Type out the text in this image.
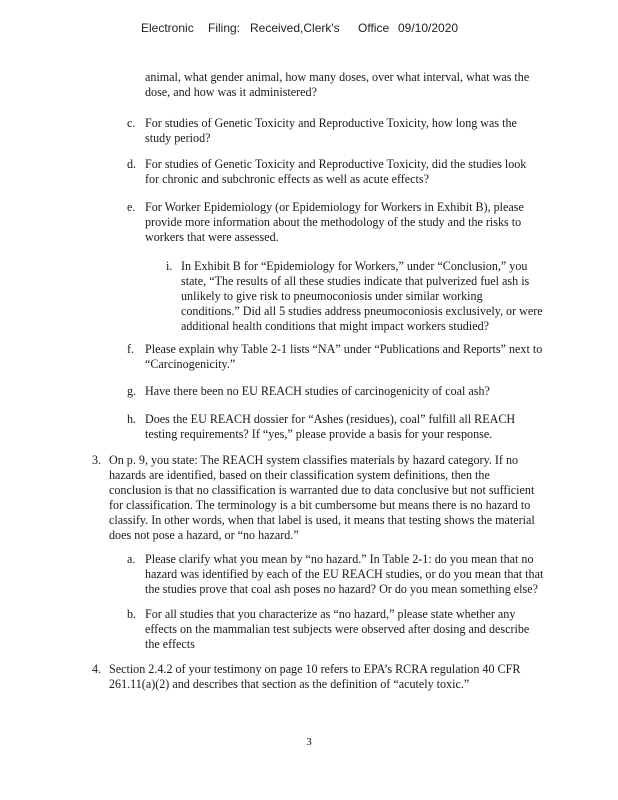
Electronic Filing: Received,Clerk's Office 09/10/2020
animal, what gender animal, how many doses, over what interval, what was the
dose, and how was it administered?
c. For studies of Genetic Toxicity and Reproductive Toxicity, how long was the
study period?
d. For studies of Genetic Toxicity and Reproductive Toxicity, did the studies look
for chronic and subchronic effects as well as acute effects?
e. For Worker Epidemiology (or Epidemiology for Workers in Exhibit B), please
provide more information about the methodology of the study and the risks to
workers that were assessed.
i. In Exhibit B for “Epidemiology for Workers,” under “Conclusion,” you
state, “The results of all these studies indicate that pulverized fuel ash is
unlikely to give risk to pneumoconiosis under similar working
conditions.” Did all 5 studies address pneumoconiosis exclusively, or were
additional health conditions that might impact workers studied?
f. Please explain why Table 2-1 lists “NA” under “Publications and Reports” next to
“Carcinogenicity.”
g. Have there been no EU REACH studies of carcinogenicity of coal ash?
h. Does the EU REACH dossier for “Ashes (residues), coal” fulfill all REACH
testing requirements? If “yes,” please provide a basis for your response.
3. On p. 9, you state: The REACH system classifies materials by hazard category. If no
hazards are identified, based on their classification system definitions, then the
conclusion is that no classification is warranted due to data conclusive but not sufficient
for classification. The terminology is a bit cumbersome but means there is no hazard to
classify. In other words, when that label is used, it means that testing shows the material
does not pose a hazard, or “no hazard.”
a. Please clarify what you mean by “no hazard.” In Table 2-1: do you mean that no
hazard was identified by each of the EU REACH studies, or do you mean that that
the studies prove that coal ash poses no hazard? Or do you mean something else?
b. For all studies that you characterize as “no hazard,” please state whether any
effects on the mammalian test subjects were observed after dosing and describe
the effects
4. Section 2.4.2 of your testimony on page 10 refers to EPA’s RCRA regulation 40 CFR
261.11(a)(2) and describes that section as the definition of “acutely toxic.”
3
